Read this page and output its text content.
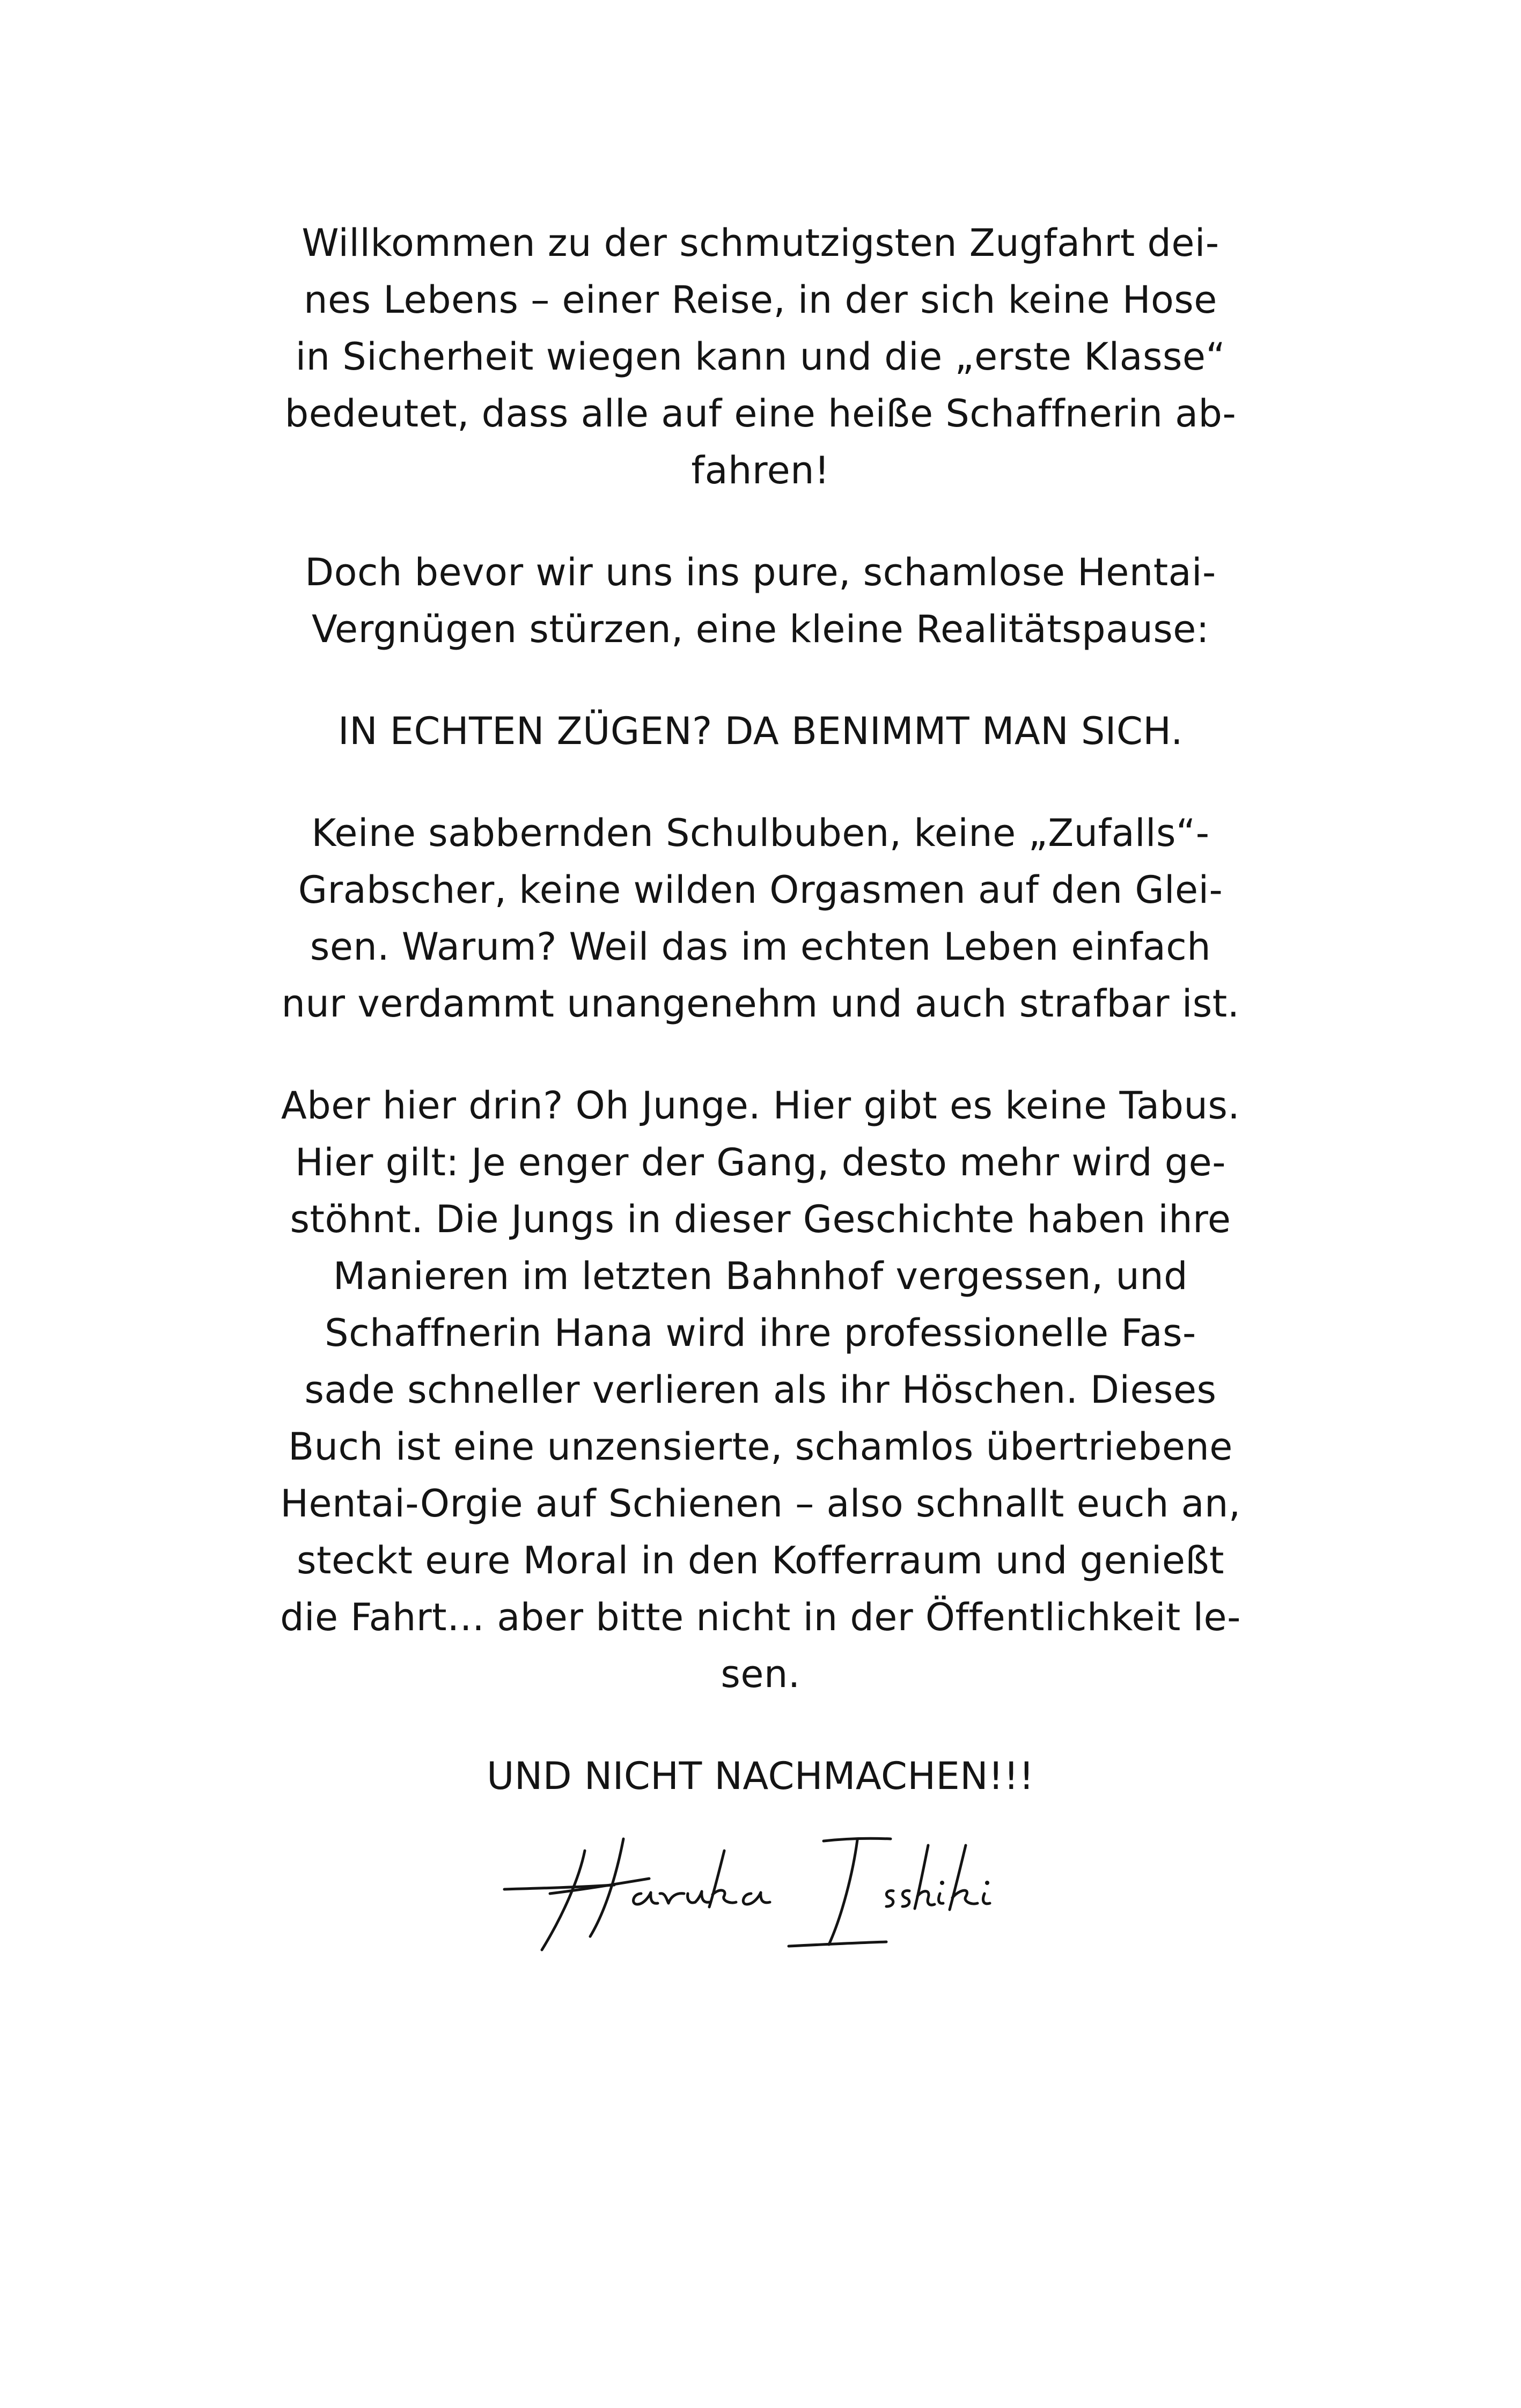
Willkommen zu der schmutzigsten Zugfahrt dei-
nes Lebens – einer Reise, in der sich keine Hose
in Sicherheit wiegen kann und die „erste Klasse“
bedeutet, dass alle auf eine heiße Schaffnerin ab-
fahren!

Doch bevor wir uns ins pure, schamlose Hentai-
Vergnügen stürzen, eine kleine Realitätspause:

IN ECHTEN ZÜGEN? DA BENIMMT MAN SICH.

Keine sabbernden Schulbuben, keine „Zufalls“-
Grabscher, keine wilden Orgasmen auf den Glei-
sen. Warum? Weil das im echten Leben einfach
nur verdammt unangenehm und auch strafbar ist.

Aber hier drin? Oh Junge. Hier gibt es keine Tabus.
Hier gilt: Je enger der Gang, desto mehr wird ge-
stöhnt. Die Jungs in dieser Geschichte haben ihre
Manieren im letzten Bahnhof vergessen, und
Schaffnerin Hana wird ihre professionelle Fas-
sade schneller verlieren als ihr Höschen. Dieses
Buch ist eine unzensierte, schamlos übertriebene
Hentai-Orgie auf Schienen – also schnallt euch an,
steckt eure Moral in den Kofferraum und genießt
die Fahrt… aber bitte nicht in der Öffentlichkeit le-
sen.

UND NICHT NACHMACHEN!!!
